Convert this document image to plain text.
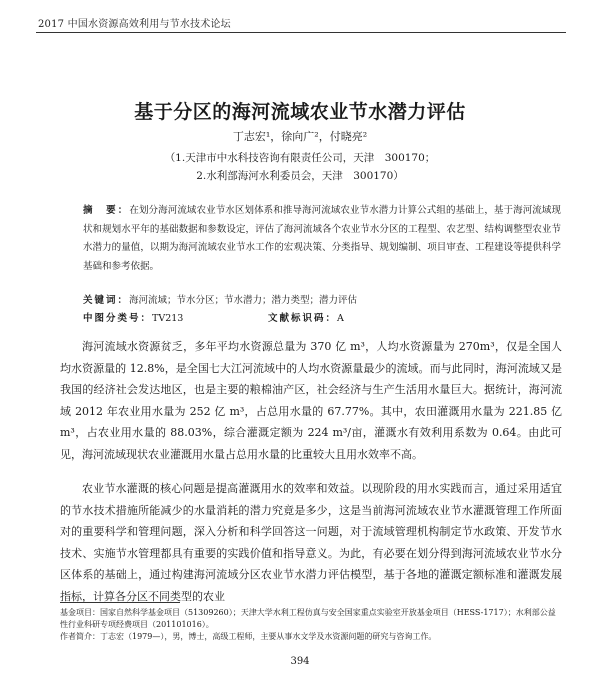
2017 中国水资源高效利用与节水技术论坛
基于分区的海河流域农业节水潜力评估
丁志宏¹，徐向广²，付晓亮²
（1.天津市中水科技咨询有限责任公司，天津　300170；
2.水利部海河水利委员会，天津　300170）
摘　要：在划分海河流域农业节水区划体系和推导海河流域农业节水潜力计算公式组的基础上，基于海河流域现状和规划水平年的基础数据和参数设定，评估了海河流域各个农业节水分区的工程型、农艺型、结构调整型农业节水潜力的量值，以期为海河流域农业节水工作的宏观决策、分类指导、规划编制、项目审查、工程建设等提供科学基础和参考依据。
关键词：海河流域；节水分区；节水潜力；潜力类型；潜力评估
中图分类号：TV213	文献标识码：A
海河流域水资源贫乏，多年平均水资源总量为 370 亿 m³，人均水资源量为 270m³，仅是全国人均水资源量的 12.8%，是全国七大江河流域中的人均水资源量最少的流域。而与此同时，海河流域又是我国的经济社会发达地区，也是主要的粮棉油产区，社会经济与生产生活用水量巨大。据统计，海河流域 2012 年农业用水量为 252 亿 m³，占总用水量的 67.77%。其中，农田灌溉用水量为 221.85 亿 m³，占农业用水量的 88.03%，综合灌溉定额为 224 m³/亩，灌溉水有效利用系数为 0.64。由此可见，海河流域现状农业灌溉用水量占总用水量的比重较大且用水效率不高。
农业节水灌溉的核心问题是提高灌溉用水的效率和效益。以现阶段的用水实践而言，通过采用适宜的节水技术措施所能减少的水量消耗的潜力究竟是多少，这是当前海河流域农业节水灌溉管理工作所面对的重要科学和管理问题，深入分析和科学回答这一问题，对于流域管理机构制定节水政策、开发节水技术、实施节水管理都具有重要的实践价值和指导意义。为此，有必要在划分得到海河流域农业节水分区体系的基础上，通过构建海河流域分区农业节水潜力评估模型，基于各地的灌溉定额标准和灌溉发展指标，计算各分区不同类型的农业
基金项目：国家自然科学基金项目（51309260）；天津大学水利工程仿真与安全国家重点实验室开放基金项目（HESS-1717）；水利部公益性行业科研专项经费项目（201101016）。
作者简介：丁志宏（1979—），男，博士，高级工程师，主要从事水文学及水资源问题的研究与咨询工作。
394
